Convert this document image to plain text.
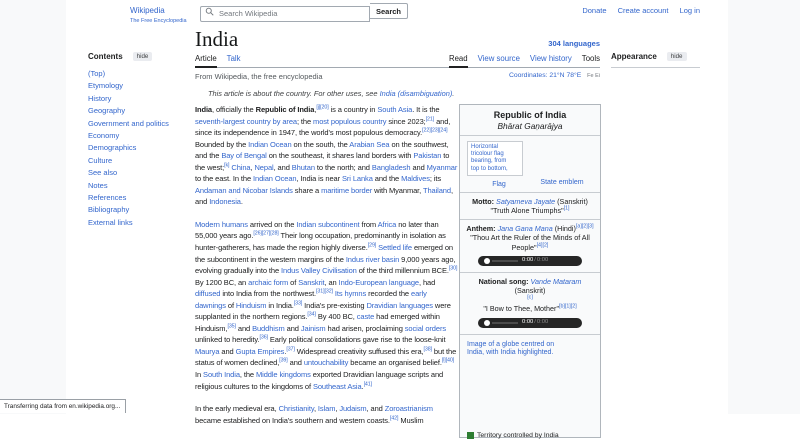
Wikipedia
The Free Encyclopedia
Search Wikipedia
Search	Donate Create account Log in
Contents	hide
(Top)
Etymology
History
Geography
Government and politics
Economy
Demographics
Culture
See also
Notes
References
Bibliography
External links
India	304 languages
Article Talk	Read View source View history Tools
From Wikipedia, the free encyclopedia	Coordinates: 21°N 78°E Fe Ei
This article is about the country. For other uses, see India (disambiguation).

India, officially the Republic of India,[j][20] is a country in South Asia. It is the seventh-largest country by area; the most populous country since 2023;[21] and, since its independence in 1947, the world's most populous democracy.[22][23][24] Bounded by the Indian Ocean on the south, the Arabian Sea on the southwest, and the Bay of Bengal on the southeast, it shares land borders with Pakistan to the west;[k] China, Nepal, and Bhutan to the north; and Bangladesh and Myanmar to the east. In the Indian Ocean, India is near Sri Lanka and the Maldives; its Andaman and Nicobar Islands share a maritime border with Myanmar, Thailand, and Indonesia.

Modern humans arrived on the Indian subcontinent from Africa no later than 55,000 years ago.[26][27][28] Their long occupation, predominantly in isolation as hunter-gatherers, has made the region highly diverse.[29] Settled life emerged on the subcontinent in the western margins of the Indus river basin 9,000 years ago, evolving gradually into the Indus Valley Civilisation of the third millennium BCE.[30] By 1200 BC, an archaic form of Sanskrit, an Indo-European language, had diffused into India from the northwest.[31][32] Its hymns recorded the early dawnings of Hinduism in India.[33] India's pre-existing Dravidian languages were supplanted in the northern regions.[34] By 400 BC, caste had emerged within Hinduism,[35] and Buddhism and Jainism had arisen, proclaiming social orders unlinked to heredity.[36] Early political consolidations gave rise to the loose-knit Maurya and Gupta Empires.[37] Widespread creativity suffused this era,[38] but the status of women declined,[39] and untouchability became an organised belief.[l][40] In South India, the Middle kingdoms exported Dravidian language scripts and religious cultures to the kingdoms of Southeast Asia.[41]

In the early medieval era, Christianity, Islam, Judaism, and Zoroastrianism became established on India's southern and western coasts.[42] Muslim

Republic of India
Bhārat Gaṇarājya
Horizontal
tricolour flag
bearing, from
top to bottom,
Flag	State emblem
Motto: Satyameva Jayate (Sanskrit)
"Truth Alone Triumphs"[1]
Anthem: Jana Gana Mana (Hindi)[a][2][3]
"Thou Art the Ruler of the Minds of All People"[4][2]
0:00 / 0:00
National song: Vande Mataram (Sanskrit)
[c]
"I Bow to Thee, Mother"[b][1][2]
0:00 / 0:00
Image of a globe centred on India, with India highlighted.
Territory controlled by India
Appearance	hide
Transferring data from en.wikipedia.org...
